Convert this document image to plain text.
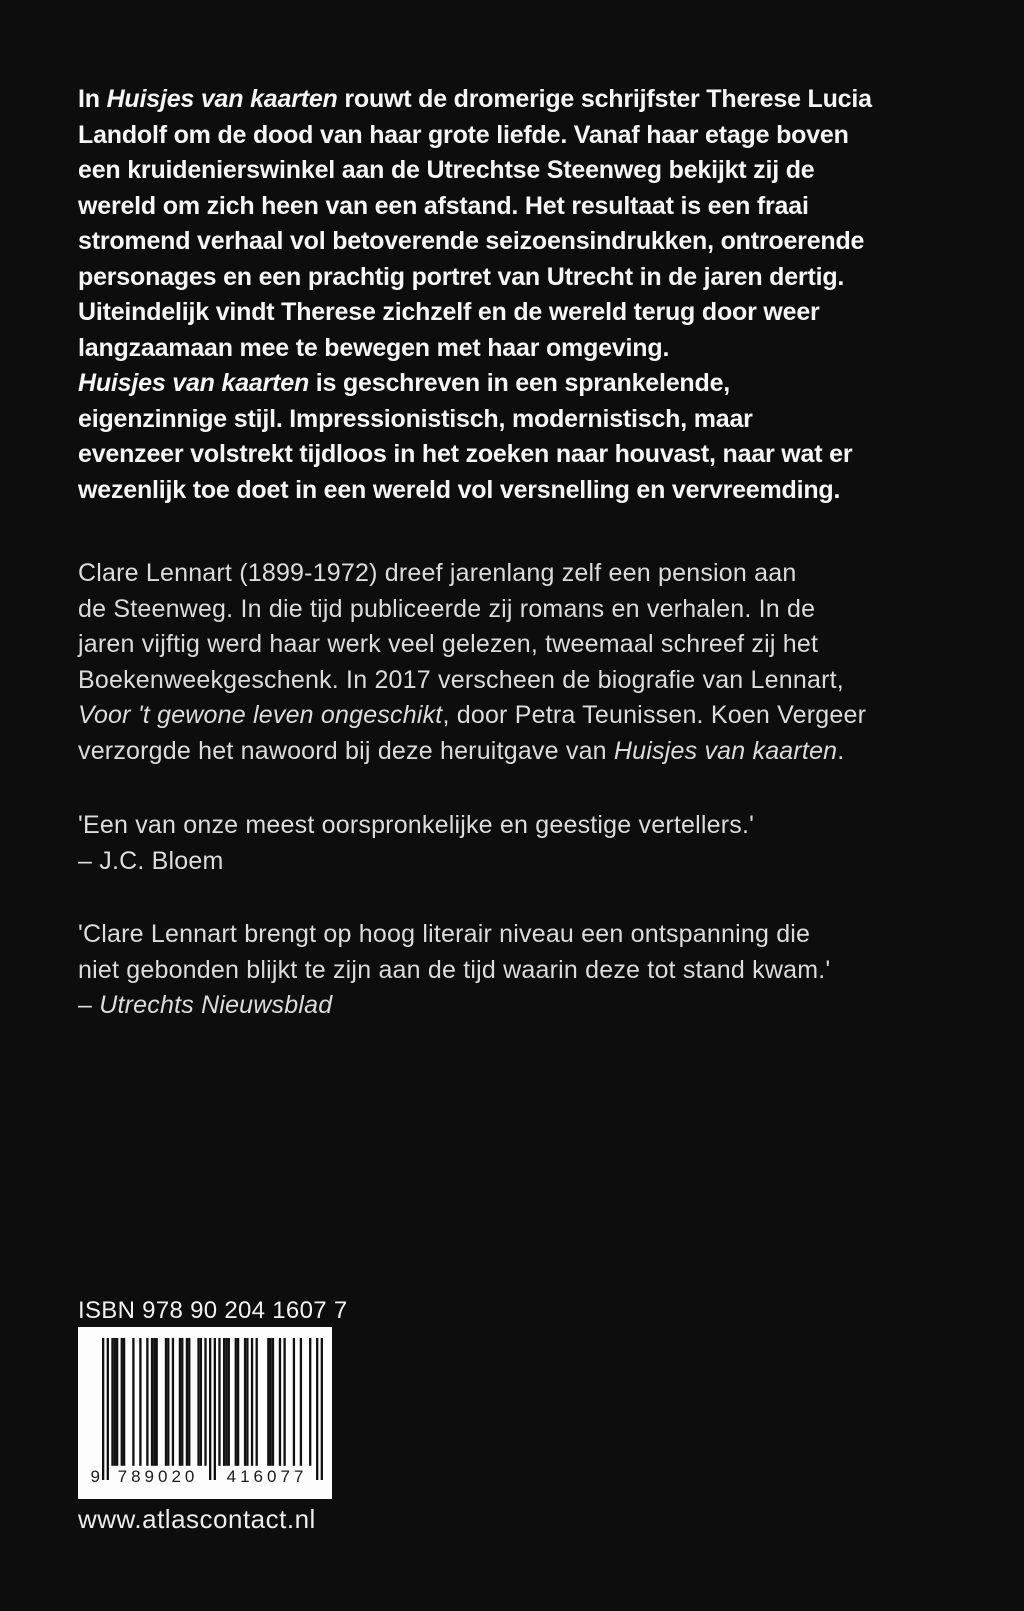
In Huisjes van kaarten rouwt de dromerige schrijfster Therese Lucia
Landolf om de dood van haar grote liefde. Vanaf haar etage boven
een kruidenierswinkel aan de Utrechtse Steenweg bekijkt zij de
wereld om zich heen van een afstand. Het resultaat is een fraai
stromend verhaal vol betoverende seizoensindrukken, ontroerende
personages en een prachtig portret van Utrecht in de jaren dertig.
Uiteindelijk vindt Therese zichzelf en de wereld terug door weer
langzaamaan mee te bewegen met haar omgeving.
Huisjes van kaarten is geschreven in een sprankelende,
eigenzinnige stijl. Impressionistisch, modernistisch, maar
evenzeer volstrekt tijdloos in het zoeken naar houvast, naar wat er
wezenlijk toe doet in een wereld vol versnelling en vervreemding.
Clare Lennart (1899-1972) dreef jarenlang zelf een pension aan
de Steenweg. In die tijd publiceerde zij romans en verhalen. In de
jaren vijftig werd haar werk veel gelezen, tweemaal schreef zij het
Boekenweekgeschenk. In 2017 verscheen de biografie van Lennart,
Voor 't gewone leven ongeschikt, door Petra Teunissen. Koen Vergeer
verzorgde het nawoord bij deze heruitgave van Huisjes van kaarten.
'Een van onze meest oorspronkelijke en geestige vertellers.'
– J.C. Bloem
'Clare Lennart brengt op hoog literair niveau een ontspanning die
niet gebonden blijkt te zijn aan de tijd waarin deze tot stand kwam.'
– Utrechts Nieuwsblad
ISBN 978 90 204 1607 7
9	789020	416077
www.atlascontact.nl
